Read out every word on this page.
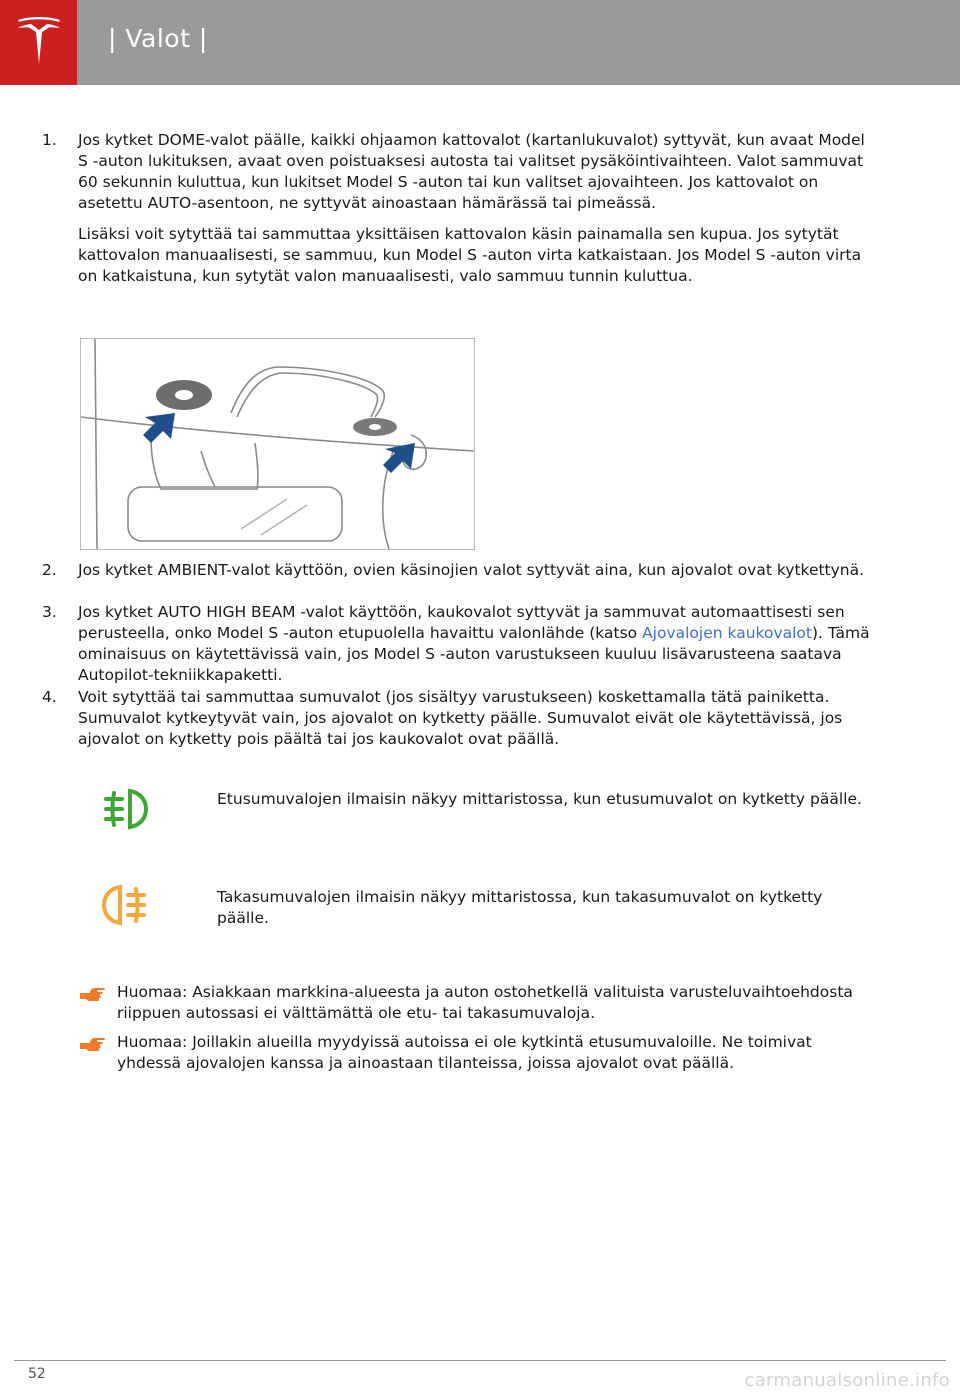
| Valot |
1. Jos kytket DOME-valot päälle, kaikki ohjaamon kattovalot (kartanlukuvalot) syttyvät, kun avaat Model S -auton lukituksen, avaat oven poistuaksesi autosta tai valitset pysäköintivaihteen. Valot sammuvat 60 sekunnin kuluttua, kun lukitset Model S -auton tai kun valitset ajovaihteen. Jos kattovalot on asetettu AUTO-asentoon, ne syttyvät ainoastaan hämärässä tai pimeässä.

Lisäksi voit sytyttää tai sammuttaa yksittäisen kattovalon käsin painamalla sen kupua. Jos sytytät kattovalon manuaalisesti, se sammuu, kun Model S -auton virta katkaistaan. Jos Model S -auton virta on katkaistuna, kun sytytät valon manuaalisesti, valo sammuu tunnin kuluttua.

2. Jos kytket AMBIENT-valot käyttöön, ovien käsinojien valot syttyvät aina, kun ajovalot ovat kytkettynä.
3. Jos kytket AUTO HIGH BEAM -valot käyttöön, kaukovalot syttyvät ja sammuvat automaattisesti sen perusteella, onko Model S -auton etupuolella havaittu valonlähde (katso Ajovalojen kaukovalot). Tämä ominaisuus on käytettävissä vain, jos Model S -auton varustukseen kuuluu lisävarusteena saatava Autopilot-tekniikkapaketti.
4. Voit sytyttää tai sammuttaa sumuvalot (jos sisältyy varustukseen) koskettamalla tätä painiketta. Sumuvalot kytkeytyvät vain, jos ajovalot on kytketty päälle. Sumuvalot eivät ole käytettävissä, jos ajovalot on kytketty pois päältä tai jos kaukovalot ovat päällä.
Etusumuvalojen ilmaisin näkyy mittaristossa, kun etusumuvalot on kytketty päälle.
Takasumuvalojen ilmaisin näkyy mittaristossa, kun takasumuvalot on kytketty päälle.
Huomaa: Asiakkaan markkina-alueesta ja auton ostohetkellä valituista varusteluvaihtoehdosta riippuen autossasi ei välttämättä ole etu- tai takasumuvaloja.
Huomaa: Joillakin alueilla myydyissä autoissa ei ole kytkintä etusumuvaloille. Ne toimivat yhdessä ajovalojen kanssa ja ainoastaan tilanteissa, joissa ajovalot ovat päällä.
52	carmanualsonline.info
